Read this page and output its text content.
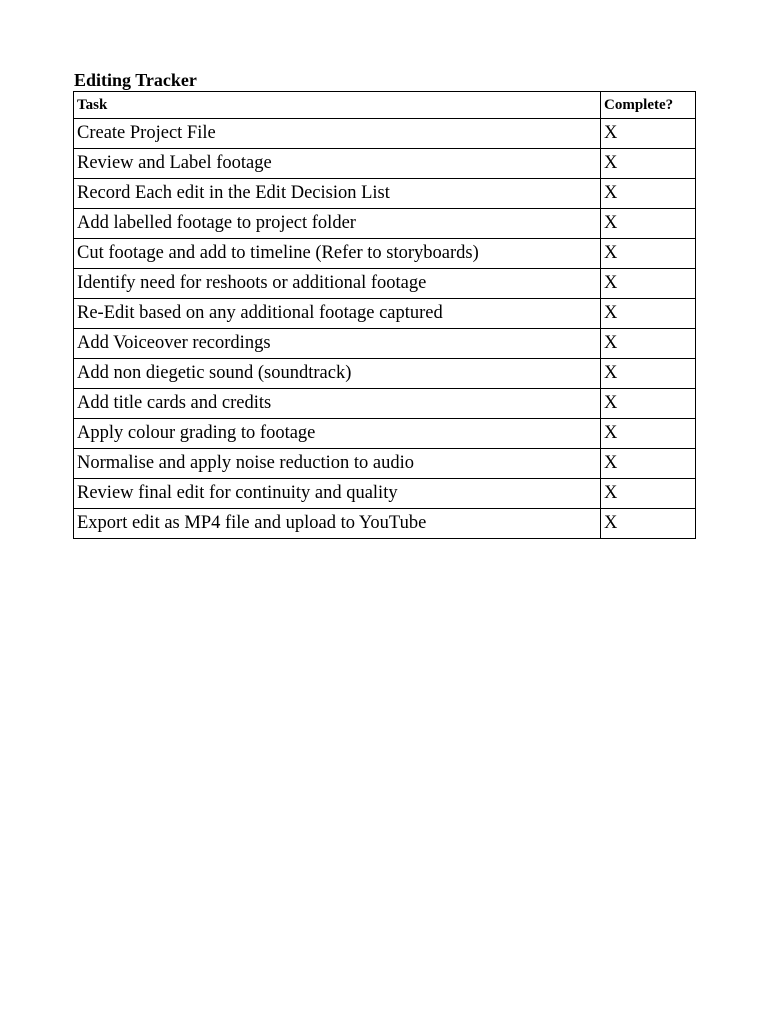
Editing Tracker
Task	Complete?
Create Project File	X
Review and Label footage	X
Record Each edit in the Edit Decision List	X
Add labelled footage to project folder	X
Cut footage and add to timeline (Refer to storyboards)	X
Identify need for reshoots or additional footage	X
Re-Edit based on any additional footage captured	X
Add Voiceover recordings	X
Add non diegetic sound (soundtrack)	X
Add title cards and credits	X
Apply colour grading to footage	X
Normalise and apply noise reduction to audio	X
Review final edit for continuity and quality	X
Export edit as MP4 file and upload to YouTube	X
